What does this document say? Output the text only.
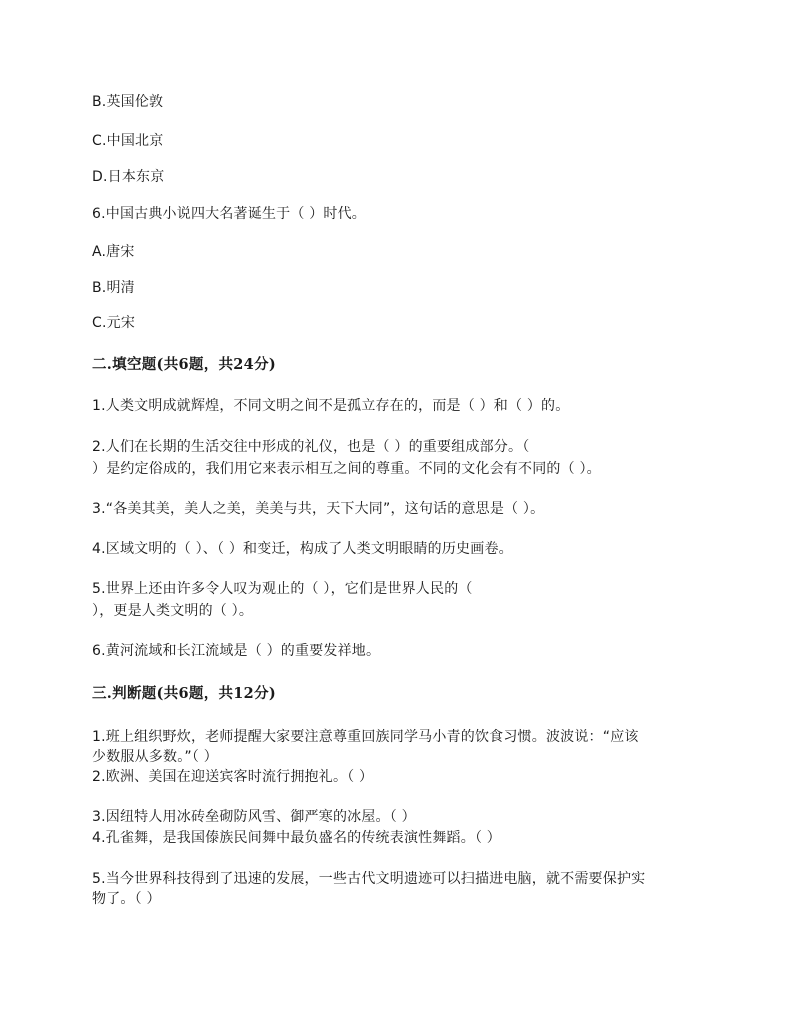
B.英国伦敦
C.中国北京
D.日本东京
6.中国古典小说四大名著诞生于（ ）时代。
A.唐宋
B.明清
C.元宋
二.填空题(共6题，共24分)
1.人类文明成就辉煌，不同文明之间不是孤立存在的，而是（ ）和（ ）的。
2.人们在长期的生活交往中形成的礼仪，也是（ ）的重要组成部分。（
）是约定俗成的，我们用它来表示相互之间的尊重。不同的文化会有不同的（ ）。
3.“各美其美，美人之美，美美与共，天下大同”，这句话的意思是（ ）。
4.区域文明的（ ）、（ ）和变迁，构成了人类文明眼睛的历史画卷。
5.世界上还由许多令人叹为观止的（ ），它们是世界人民的（
），更是人类文明的（ ）。
6.黄河流域和长江流域是（ ）的重要发祥地。
三.判断题(共6题，共12分)
1.班上组织野炊，老师提醒大家要注意尊重回族同学马小青的饮食习惯。波波说：“应该
少数服从多数。”（ ）
2.欧洲、美国在迎送宾客时流行拥抱礼。（ ）
3.因纽特人用冰砖垒砌防风雪、御严寒的冰屋。（ ）
4.孔雀舞，是我国傣族民间舞中最负盛名的传统表演性舞蹈。（ ）
5.当今世界科技得到了迅速的发展，一些古代文明遗迹可以扫描进电脑，就不需要保护实
物了。（ ）
